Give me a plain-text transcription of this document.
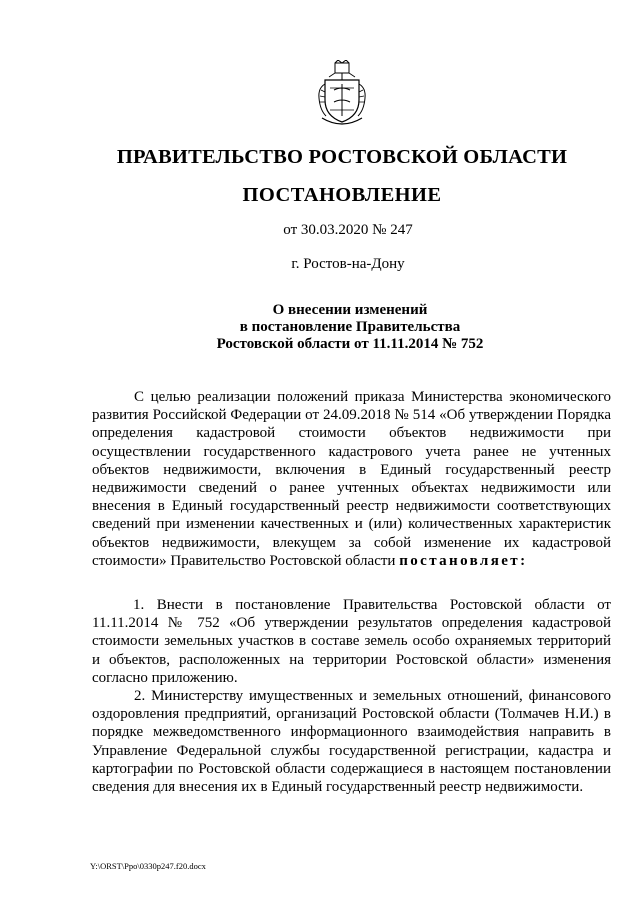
ПРАВИТЕЛЬСТВО РОСТОВСКОЙ ОБЛАСТИ

ПОСТАНОВЛЕНИЕ

от 30.03.2020 № 247

г. Ростов-на-Дону

О внесении изменений
в постановление Правительства
Ростовской области от 11.11.2014 № 752

С целью реализации положений приказа Министерства экономического развития Российской Федерации от 24.09.2018 № 514 «Об утверждении Порядка определения кадастровой стоимости объектов недвижимости при осуществлении государственного кадастрового учета ранее не учтенных объектов недвижимости, включения в Единый государственный реестр недвижимости сведений о ранее учтенных объектах недвижимости или внесения в Единый государственный реестр недвижимости соответствующих сведений при изменении качественных и (или) количественных характеристик объектов недвижимости, влекущем за собой изменение их кадастровой стоимости» Правительство Ростовской области постановляет:

1. Внести в постановление Правительства Ростовской области от 11.11.2014 № 752 «Об утверждении результатов определения кадастровой стоимости земельных участков в составе земель особо охраняемых территорий и объектов, расположенных на территории Ростовской области» изменения согласно приложению.

2. Министерству имущественных и земельных отношений, финансового оздоровления предприятий, организаций Ростовской области (Толмачев Н.И.) в порядке межведомственного информационного взаимодействия направить в Управление Федеральной службы государственной регистрации, кадастра и картографии по Ростовской области содержащиеся в настоящем постановлении сведения для внесения их в Единый государственный реестр недвижимости.

Y:\ORST\Ppo\0330p247.f20.docx
